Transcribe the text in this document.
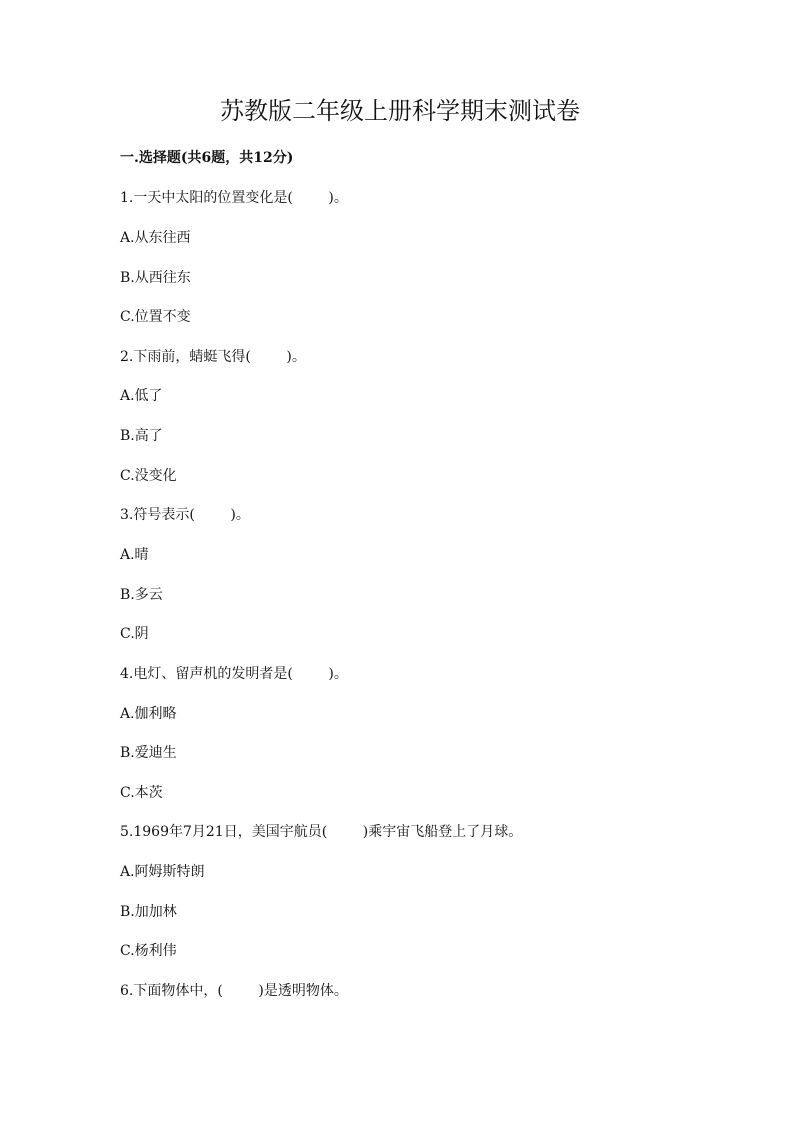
苏教版二年级上册科学期末测试卷

一.选择题(共6题，共12分)

1.一天中太阳的位置变化是(        )。

A.从东往西

B.从西往东

C.位置不变

2.下雨前，蜻蜓飞得(        )。

A.低了

B.高了

C.没变化

3.符号表示(        )。

A.晴

B.多云

C.阴

4.电灯、留声机的发明者是(        )。

A.伽利略

B.爱迪生

C.本茨

5.1969年7月21日，美国宇航员(        )乘宇宙飞船登上了月球。

A.阿姆斯特朗

B.加加林

C.杨利伟

6.下面物体中，(        )是透明物体。
